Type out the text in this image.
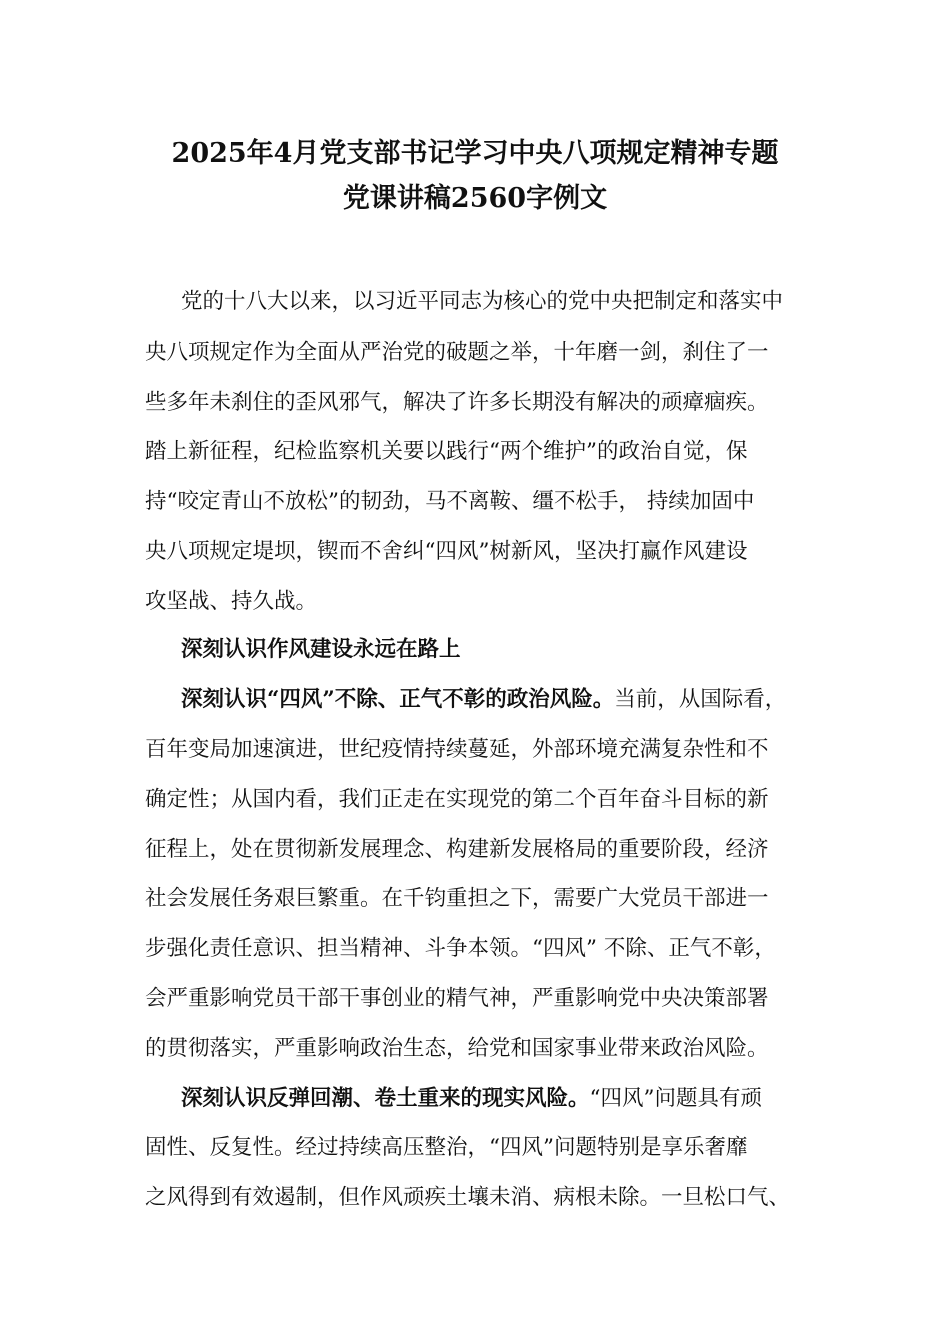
2025年4月党支部书记学习中央八项规定精神专题
党课讲稿2560字例文
党的十八大以来，以习近平同志为核心的党中央把制定和落实中
央八项规定作为全面从严治党的破题之举，十年磨一剑，刹住了一
些多年未刹住的歪风邪气，解决了许多长期没有解决的顽瘴痼疾。
踏上新征程，纪检监察机关要以践行“两个维护”的政治自觉，保
持“咬定青山不放松”的韧劲，马不离鞍、缰不松手， 持续加固中
央八项规定堤坝，锲而不舍纠“四风”树新风，坚决打赢作风建设
攻坚战、持久战。
深刻认识作风建设永远在路上
深刻认识“四风”不除、正气不彰的政治风险。当前，从国际看，
百年变局加速演进，世纪疫情持续蔓延，外部环境充满复杂性和不
确定性；从国内看，我们正走在实现党的第二个百年奋斗目标的新
征程上，处在贯彻新发展理念、构建新发展格局的重要阶段，经济
社会发展任务艰巨繁重。在千钧重担之下，需要广大党员干部进一
步强化责任意识、担当精神、斗争本领。“四风” 不除、正气不彰，
会严重影响党员干部干事创业的精气神，严重影响党中央决策部署
的贯彻落实，严重影响政治生态，给党和国家事业带来政治风险。
深刻认识反弹回潮、卷土重来的现实风险。“四风”问题具有顽
固性、反复性。经过持续高压整治，“四风”问题特别是享乐奢靡
之风得到有效遏制，但作风顽疾土壤未消、病根未除。一旦松口气、
